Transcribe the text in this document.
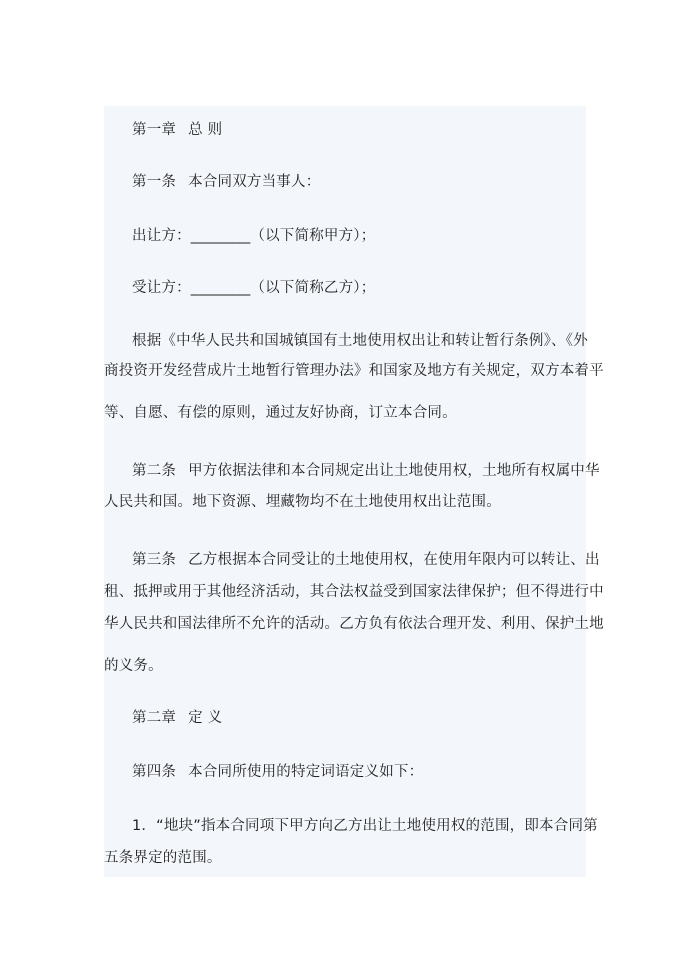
第一章 总 则
第一条 本合同双方当事人：
出让方：________（以下简称甲方）；
受让方：________（以下简称乙方）；
根据《中华人民共和国城镇国有土地使用权出让和转让暂行条例》、《外
商投资开发经营成片土地暂行管理办法》和国家及地方有关规定，双方本着平
等、自愿、有偿的原则，通过友好协商，订立本合同。
第二条 甲方依据法律和本合同规定出让土地使用权，土地所有权属中华
人民共和国。地下资源、埋藏物均不在土地使用权出让范围。
第三条 乙方根据本合同受让的土地使用权，在使用年限内可以转让、出
租、抵押或用于其他经济活动，其合法权益受到国家法律保护；但不得进行中
华人民共和国法律所不允许的活动。乙方负有依法合理开发、利用、保护土地
的义务。
第二章 定 义
第四条 本合同所使用的特定词语定义如下：
1．“地块”指本合同项下甲方向乙方出让土地使用权的范围，即本合同第
五条界定的范围。
